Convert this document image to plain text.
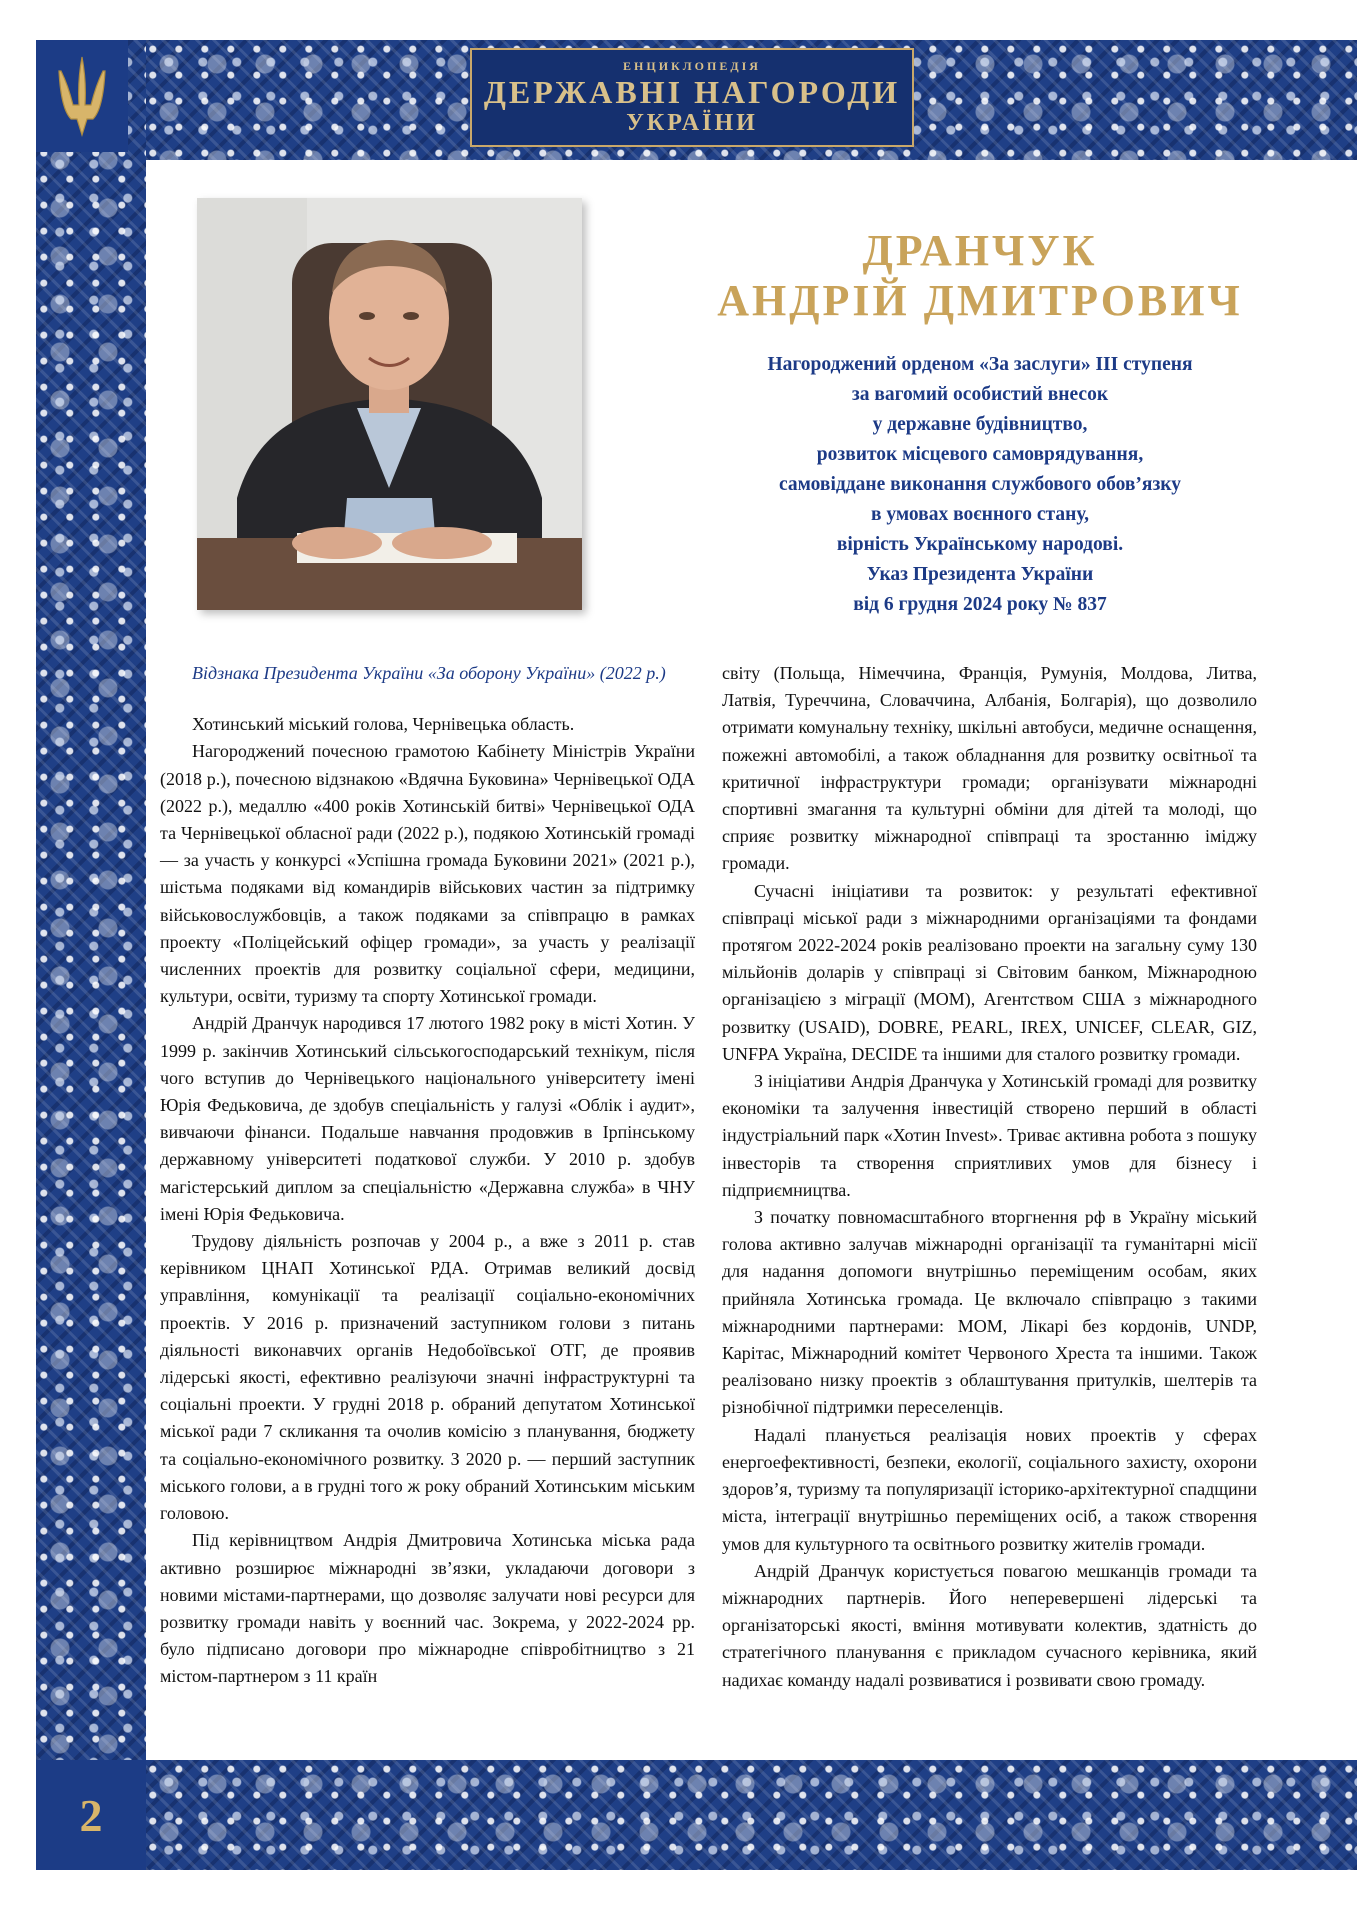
ЕНЦИКЛОПЕДІЯ
ДЕРЖАВНІ НАГОРОДИ
УКРАЇНИ
ДРАНЧУК
АНДРІЙ ДМИТРОВИЧ

Нагороджений орденом «За заслуги» ІІІ ступеня

за вагомий особистий внесок

у державне будівництво,

розвиток місцевого самоврядування,

самовіддане виконання службового обов’язку

в умовах воєнного стану,

вірність Українському народові.

Указ Президента України

від 6 грудня 2024 року № 837

Відзнака Президента України «За оборону України» (2022 р.)

Хотинський міський голова, Чернівецька область.

Нагороджений почесною грамотою Кабінету Міністрів України (2018 р.), почесною відзнакою «Вдячна Буковина» Чернівецької ОДА (2022 р.), медаллю «400 років Хотинській битві» Чернівецької ОДА та Чернівецької обласної ради (2022 р.), подякою Хотинській громаді — за участь у конкурсі «Успішна громада Буковини 2021» (2021 р.), шістьма подяками від командирів військових частин за підтримку військовослужбовців, а також подяками за співпрацю в рамках проекту «Поліцейський офіцер громади», за участь у реалізації численних проектів для розвитку соціальної сфери, медицини, культури, освіти, туризму та спорту Хотинської громади.

Андрій Дранчук народився 17 лютого 1982 року в місті Хотин. У 1999 р. закінчив Хотинський сільськогосподарський технікум, після чого вступив до Чернівецького національного університету імені Юрія Федьковича, де здобув спеціальність у галузі «Облік і аудит», вивчаючи фінанси. Подальше навчання продовжив в Ірпінському державному університеті податкової служби. У 2010 р. здобув магістерський диплом за спеціальністю «Державна служба» в ЧНУ імені Юрія Федьковича.

Трудову діяльність розпочав у 2004 р., а вже з 2011 р. став керівником ЦНАП Хотинської РДА. Отримав великий досвід управління, комунікації та реалізації соціально-економічних проектів. У 2016 р. призначений заступником голови з питань діяльності виконавчих органів Недобоївської ОТГ, де проявив лідерські якості, ефективно реалізуючи значні інфраструктурні та соціальні проекти. У грудні 2018 р. обраний депутатом Хотинської міської ради 7 скликання та очолив комісію з планування, бюджету та соціально-економічного розвитку. З 2020 р. — перший заступник міського голови, а в грудні того ж року обраний Хотинським міським головою.

Під керівництвом Андрія Дмитровича Хотинська міська рада активно розширює міжнародні зв’язки, укладаючи договори з новими містами-партнерами, що дозволяє залучати нові ресурси для розвитку громади навіть у воєнний час. Зокрема, у 2022-2024 рр. було підписано договори про міжнародне співробітництво з 21 містом-партнером з 11 країн

світу (Польща, Німеччина, Франція, Румунія, Молдова, Литва, Латвія, Туреччина, Словаччина, Албанія, Болгарія), що дозволило отримати комунальну техніку, шкільні автобуси, медичне оснащення, пожежні автомобілі, а також обладнання для розвитку освітньої та критичної інфраструктури громади; організувати міжнародні спортивні змагання та культурні обміни для дітей та молоді, що сприяє розвитку міжнародної співпраці та зростанню іміджу громади.

Сучасні ініціативи та розвиток: у результаті ефективної співпраці міської ради з міжнародними організаціями та фондами протягом 2022-2024 років реалізовано проекти на загальну суму 130 мільйонів доларів у співпраці зі Світовим банком, Міжнародною організацією з міграції (МОМ), Агентством США з міжнародного розвитку (USAID), DOBRE, PEARL, IREX, UNICEF, CLEAR, GIZ, UNFPA Україна, DECIDE та іншими для сталого розвитку громади.

З ініціативи Андрія Дранчука у Хотинській громаді для розвитку економіки та залучення інвестицій створено перший в області індустріальний парк «Хотин Invest». Триває активна робота з пошуку інвесторів та створення сприятливих умов для бізнесу і підприємництва.

З початку повномасштабного вторгнення рф в Україну міський голова активно залучав міжнародні організації та гуманітарні місії для надання допомоги внутрішньо переміщеним особам, яких прийняла Хотинська громада. Це включало співпрацю з такими міжнародними партнерами: МОМ, Лікарі без кордонів, UNDP, Карітас, Міжнародний комітет Червоного Хреста та іншими. Також реалізовано низку проектів з облаштування притулків, шелтерів та різнобічної підтримки переселенців.

Надалі планується реалізація нових проектів у сферах енергоефективності, безпеки, екології, соціального захисту, охорони здоров’я, туризму та популяризації історико-архітектурної спадщини міста, інтеграції внутрішньо переміщених осіб, а також створення умов для культурного та освітнього розвитку жителів громади.

Андрій Дранчук користується повагою мешканців громади та міжнародних партнерів. Його неперевершені лідерські та організаторські якості, вміння мотивувати колектив, здатність до стратегічного планування є прикладом сучасного керівника, який надихає команду надалі розвиватися і розвивати свою громаду.

2
